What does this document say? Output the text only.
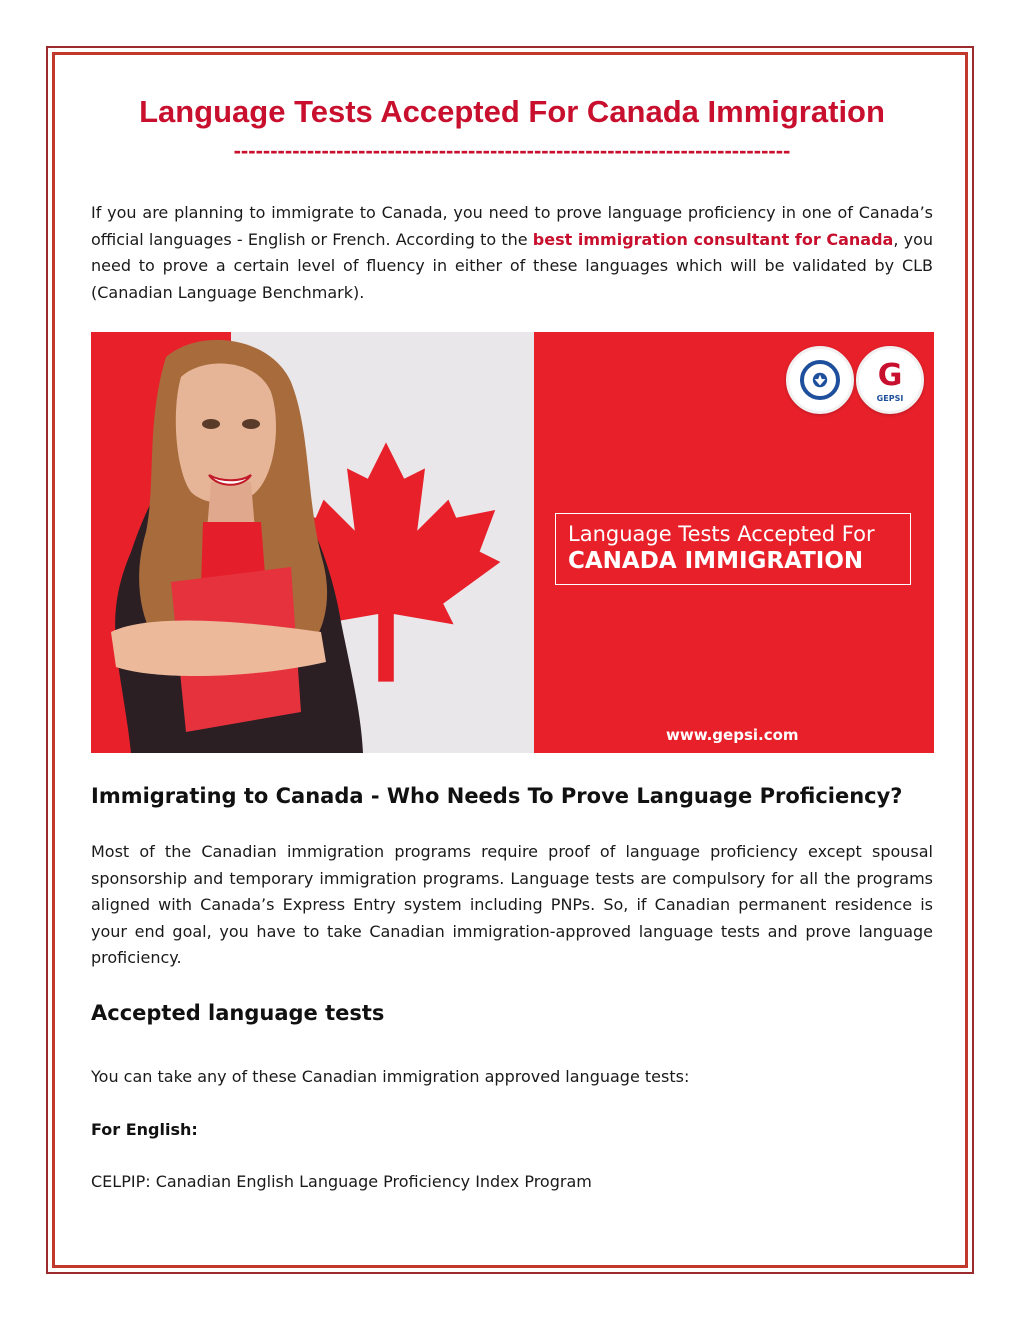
Language Tests Accepted For Canada Immigration
----------------------------------------------------------------------------

If you are planning to immigrate to Canada, you need to prove language proficiency in one of Canada’s official languages - English or French. According to the best immigration consultant for Canada, you need to prove a certain level of fluency in either of these languages which will be validated by CLB (Canadian Language Benchmark).

G
GEPSI
Language Tests Accepted For
CANADA IMMIGRATION
www.gepsi.com
Immigrating to Canada - Who Needs To Prove Language Proficiency?

Most of the Canadian immigration programs require proof of language proficiency except spousal sponsorship and temporary immigration programs. Language tests are compulsory for all the programs aligned with Canada’s Express Entry system including PNPs. So, if Canadian permanent residence is your end goal, you have to take Canadian immigration-approved language tests and prove language proficiency.

Accepted language tests

You can take any of these Canadian immigration approved language tests:

For English:

CELPIP: Canadian English Language Proficiency Index Program
